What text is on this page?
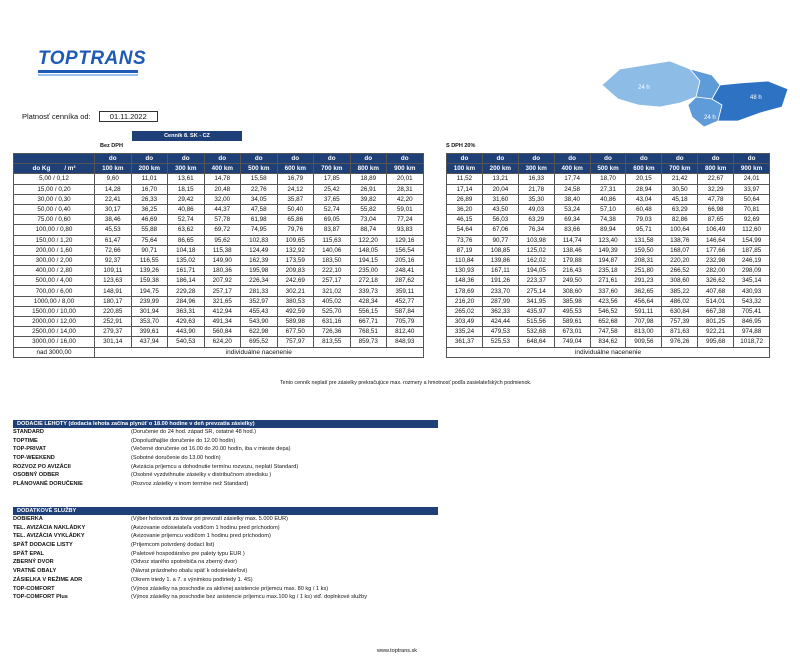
TOPTRANS
24 h
48 h
24 h
Platnosť cenníka od:	01.11.2022
Cenník 8. SK - CZ
Bez DPH	S DPH 20%
	do	do	do	do	do	do	do	do	do
do Kg / m³	100 km	200 km	300 km	400 km	500 km	600 km	700 km	800 km	900 km
5,00 / 0,12	9,60	11,01	13,61	14,78	15,58	16,79	17,85	18,89	20,01
15,00 / 0,20	14,28	16,70	18,15	20,48	22,76	24,12	25,42	26,91	28,31
30,00 / 0,30	22,41	26,33	29,42	32,00	34,05	35,87	37,65	39,82	42,20
50,00 / 0,40	30,17	36,25	40,86	44,37	47,58	50,40	52,74	55,82	59,01
75,00 / 0,60	38,46	46,69	52,74	57,78	61,98	65,86	69,05	73,04	77,24
100,00 / 0,80	45,53	55,88	63,62	69,72	74,95	79,76	83,87	88,74	93,83
150,00 / 1,20	61,47	75,64	86,65	95,62	102,83	109,65	115,63	122,20	129,16
200,00 / 1,60	72,66	90,71	104,18	115,38	124,49	132,92	140,06	148,05	156,54
300,00 / 2,00	92,37	116,55	135,02	149,90	162,39	173,59	183,50	194,15	205,16
400,00 / 2,80	109,11	139,26	161,71	180,36	195,98	209,83	222,10	235,00	248,41
500,00 / 4,00	123,63	159,38	186,14	207,92	226,34	242,69	257,17	272,18	287,62
700,00 / 6,00	148,91	194,75	229,28	257,17	281,33	302,21	321,02	339,73	359,11
1000,00 / 8,00	180,17	239,99	284,96	321,65	352,97	380,53	405,02	428,34	452,77
1500,00 / 10,00	220,85	301,94	363,31	412,94	455,43	492,59	525,70	556,15	587,84
2000,00 / 12,00	252,91	353,70	429,63	491,34	543,90	589,98	631,16	667,71	705,79
2500,00 / 14,00	279,37	399,61	443,90	560,84	622,98	677,50	726,36	768,51	812,40
3000,00 / 16,00	301,14	437,94	540,53	624,20	695,52	757,97	813,55	859,73	848,93
nad 3000,00	individuálne nacenenie								
do	do	do	do	do	do	do	do	do
100 km	200 km	300 km	400 km	500 km	600 km	700 km	800 km	900 km
11,52	13,21	16,33	17,74	18,70	20,15	21,42	22,67	24,01
17,14	20,04	21,78	24,58	27,31	28,94	30,50	32,29	33,97
26,89	31,60	35,30	38,40	40,86	43,04	45,18	47,78	50,64
36,20	43,50	49,03	53,24	57,10	60,48	63,29	66,98	70,81
46,15	56,03	63,29	69,34	74,38	79,03	82,86	87,65	92,69
54,64	67,06	76,34	83,66	89,94	95,71	100,64	106,49	112,60
73,76	90,77	103,98	114,74	123,40	131,58	138,76	146,64	154,99
87,19	108,85	125,02	138,46	149,39	159,50	168,07	177,66	187,85
110,84	139,86	162,02	179,88	194,87	208,31	220,20	232,98	246,19
130,93	167,11	194,05	216,43	235,18	251,80	266,52	282,00	298,09
148,36	191,26	223,37	249,50	271,61	291,23	308,60	326,62	345,14
178,69	233,70	275,14	308,60	337,60	362,65	385,22	407,68	430,93
216,20	287,99	341,95	385,98	423,56	456,64	486,02	514,01	543,32
265,02	362,33	435,97	495,53	546,52	591,11	630,84	667,38	705,41
303,49	424,44	515,56	589,61	652,68	707,98	757,39	801,25	846,95
335,24	479,53	532,68	673,01	747,58	813,00	871,63	922,21	974,88
361,37	525,53	648,64	749,04	834,62	909,56	976,26	995,68	1018,72
individuálne nacenenie								
Tento cenník neplatí pre zásielky prekračujúce max. rozmery a hmotnosť podľa zasielateľských podmienok.
DODACIE LEHOTY (dodacia lehota začína plynúť o 18.00 hodine v deň prevzatia zásielky)
STANDARD	(Doručenie do 24 hod. západ SR, ostatné 48 hod.)
TOPTIME	(Dopoludňajšie doručenie do 12.00 hodín)
TOP-PRIVAT	(Večerné doručenie od 16.00 do 20.00 hodín, iba v mieste depa)
TOP-WEEKEND	(Sobotné doručenie do 13.00 hodín)
ROZVOZ PO AVIZÁCII	(Avizácia príjemcu a dohodnutie termínu rozvozu, neplatí Standard)
OSOBNÝ ODBER	(Osobné vyzdvihnutie zásielky v distribučnom stredisku )
PLÁNOVANÉ DORUČENIE	(Rozvoz zásielky v inom termíne než Standard)
DODATKOVÉ SLUŽBY
DOBIERKA	(Výber hotovosti za tovar pri prevzatí zásielky max. 5.000 EUR)
TEL. AVIZÁCIA NAKLÁDKY	(Avizovanie odosielateľa vodičom 1 hodinu pred príchodom)
TEL. AVIZÁCIA VYKLÁDKY	(Avizovanie príjemcu vodičom 1 hodinu pred príchodom)
SPÄŤ DODACIE LISTY	(Príjemcom potvrdený dodací list)
SPÄŤ EPAL	(Paletové hospodárstvo pre palety typu EUR )
ZBERNÝ DVOR	(Odvoz starého spotrebiča na zberný dvor)
VRATNÉ OBALY	(Návrat prázdneho obalu späť k odosielateľovi)
ZÁSIELKA V REŽIME ADR	(Okrem triedy 1. a 7. s výnimkou podtriedy 1. 4S)
TOP-COMFORT	(Výnos zásielky na poschodie za aktívnej asistencie príjemcu max. 80 kg / 1 ks)
TOP-COMFORT Plus	(Výnos zásielky na poschodie bez asistencie príjemcu max.100 kg / 1 ks) viď. doplnkové služby
www.toptrans.sk
